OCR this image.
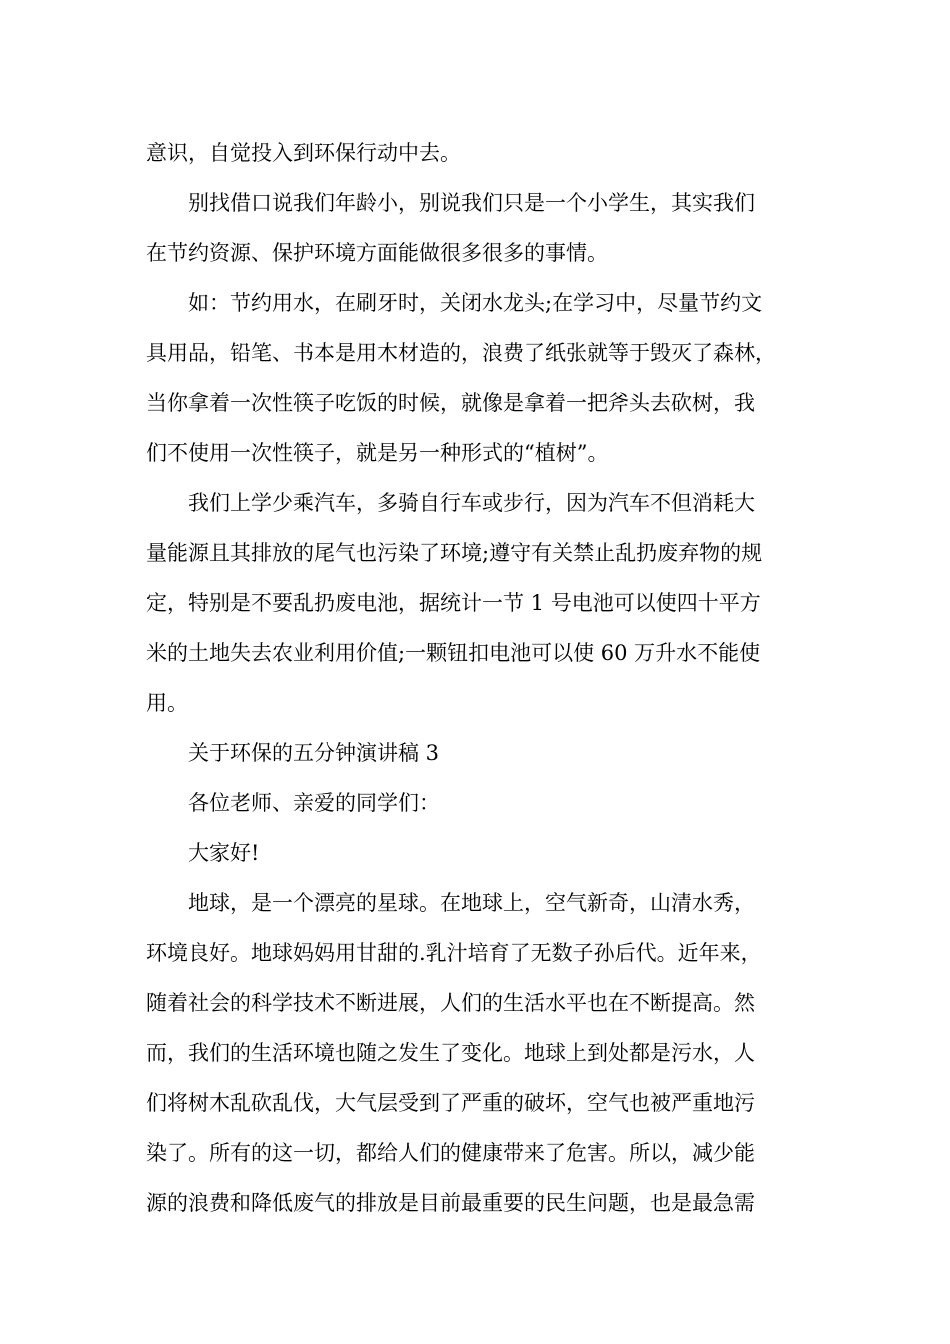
意识，自觉投入到环保行动中去。
别找借口说我们年龄小，别说我们只是一个小学生，其实我们
在节约资源、保护环境方面能做很多很多的事情。
如：节约用水，在刷牙时，关闭水龙头;在学习中，尽量节约文
具用品，铅笔、书本是用木材造的，浪费了纸张就等于毁灭了森林，
当你拿着一次性筷子吃饭的时候，就像是拿着一把斧头去砍树，我
们不使用一次性筷子，就是另一种形式的“植树”。
我们上学少乘汽车，多骑自行车或步行，因为汽车不但消耗大
量能源且其排放的尾气也污染了环境;遵守有关禁止乱扔废弃物的规
定，特别是不要乱扔废电池，据统计一节 1 号电池可以使四十平方
米的土地失去农业利用价值;一颗钮扣电池可以使 60 万升水不能使
用。
关于环保的五分钟演讲稿 3
各位老师、亲爱的同学们：
大家好!
地球，是一个漂亮的星球。在地球上，空气新奇，山清水秀，
环境良好。地球妈妈用甘甜的.乳汁培育了无数子孙后代。近年来，
随着社会的科学技术不断进展，人们的生活水平也在不断提高。然
而，我们的生活环境也随之发生了变化。地球上到处都是污水，人
们将树木乱砍乱伐，大气层受到了严重的破坏，空气也被严重地污
染了。所有的这一切，都给人们的健康带来了危害。所以，减少能
源的浪费和降低废气的排放是目前最重要的民生问题，也是最急需
